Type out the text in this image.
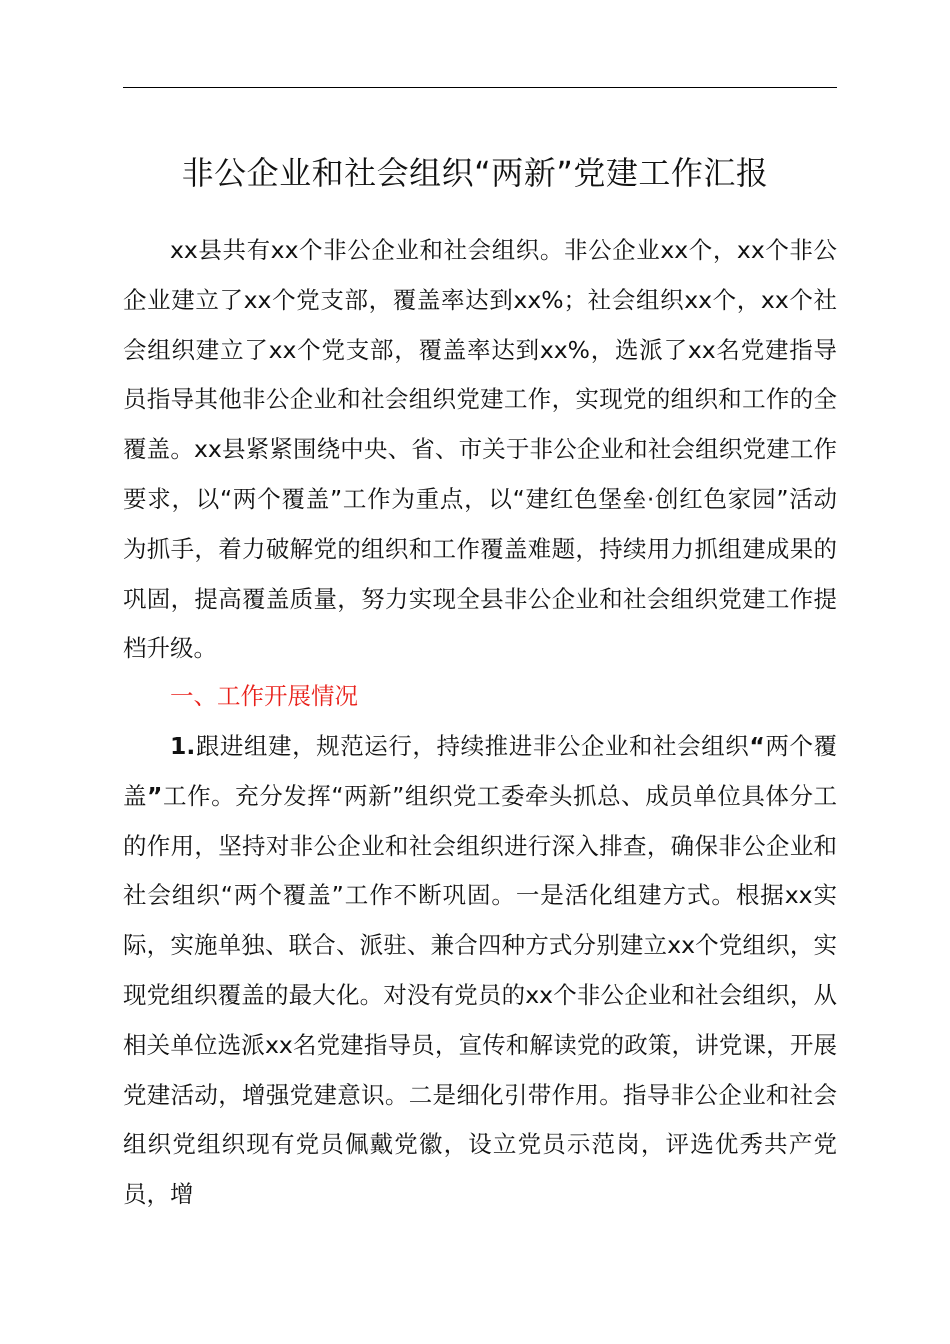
非公企业和社会组织“两新”党建工作汇报

xx县共有xx个非公企业和社会组织。非公企业xx个，xx个非公企业建立了xx个党支部，覆盖率达到xx%；社会组织xx个，xx个社会组织建立了xx个党支部，覆盖率达到xx%，选派了xx名党建指导员指导其他非公企业和社会组织党建工作，实现党的组织和工作的全覆盖。xx县紧紧围绕中央、省、市关于非公企业和社会组织党建工作要求，以“两个覆盖”工作为重点，以“建红色堡垒·创红色家园”活动为抓手，着力破解党的组织和工作覆盖难题，持续用力抓组建成果的巩固，提高覆盖质量，努力实现全县非公企业和社会组织党建工作提档升级。

一、工作开展情况

1.跟进组建，规范运行，持续推进非公企业和社会组织“两个覆盖”工作。充分发挥“两新”组织党工委牵头抓总、成员单位具体分工的作用，坚持对非公企业和社会组织进行深入排查，确保非公企业和社会组织“两个覆盖”工作不断巩固。一是活化组建方式。根据xx实际，实施单独、联合、派驻、兼合四种方式分别建立xx个党组织，实现党组织覆盖的最大化。对没有党员的xx个非公企业和社会组织，从相关单位选派xx名党建指导员，宣传和解读党的政策，讲党课，开展党建活动，增强党建意识。二是细化引带作用。指导非公企业和社会组织党组织现有党员佩戴党徽，设立党员示范岗，评选优秀共产党员，增
